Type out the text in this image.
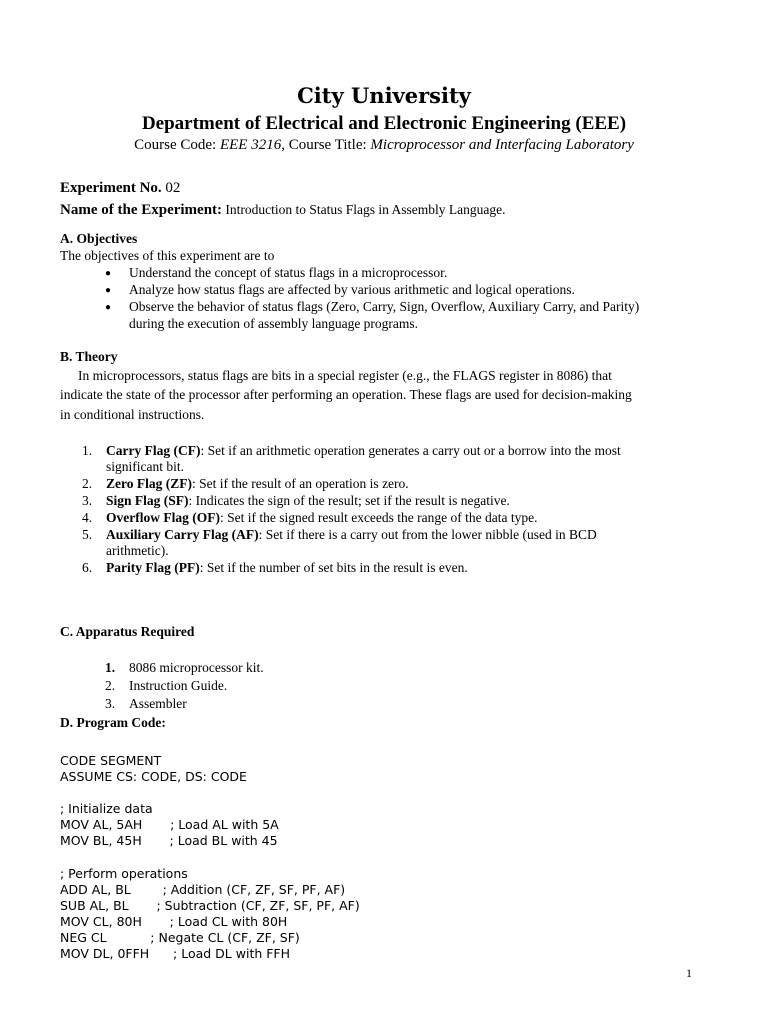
City University
Department of Electrical and Electronic Engineering (EEE)
Course Code: EEE 3216, Course Title: Microprocessor and Interfacing Laboratory
Experiment No. 02
Name of the Experiment: Introduction to Status Flags in Assembly Language.
A. Objectives
The objectives of this experiment are to
● Understand the concept of status flags in a microprocessor.
● Analyze how status flags are affected by various arithmetic and logical operations.
● Observe the behavior of status flags (Zero, Carry, Sign, Overflow, Auxiliary Carry, and Parity)
during the execution of assembly language programs.
B. Theory
In microprocessors, status flags are bits in a special register (e.g., the FLAGS register in 8086) that
indicate the state of the processor after performing an operation. These flags are used for decision-making
in conditional instructions.
1. Carry Flag (CF): Set if an arithmetic operation generates a carry out or a borrow into the most
significant bit.
2. Zero Flag (ZF): Set if the result of an operation is zero.
3. Sign Flag (SF): Indicates the sign of the result; set if the result is negative.
4. Overflow Flag (OF): Set if the signed result exceeds the range of the data type.
5. Auxiliary Carry Flag (AF): Set if there is a carry out from the lower nibble (used in BCD
arithmetic).
6. Parity Flag (PF): Set if the number of set bits in the result is even.
C. Apparatus Required
1. 8086 microprocessor kit.
2. Instruction Guide.
3. Assembler
D. Program Code:
CODE SEGMENT
ASSUME CS: CODE, DS: CODE
; Initialize data
MOV AL, 5AH       ; Load AL with 5A
MOV BL, 45H       ; Load BL with 45
; Perform operations
ADD AL, BL        ; Addition (CF, ZF, SF, PF, AF)
SUB AL, BL       ; Subtraction (CF, ZF, SF, PF, AF)
MOV CL, 80H       ; Load CL with 80H
NEG CL           ; Negate CL (CF, ZF, SF)
MOV DL, 0FFH      ; Load DL with FFH
1
